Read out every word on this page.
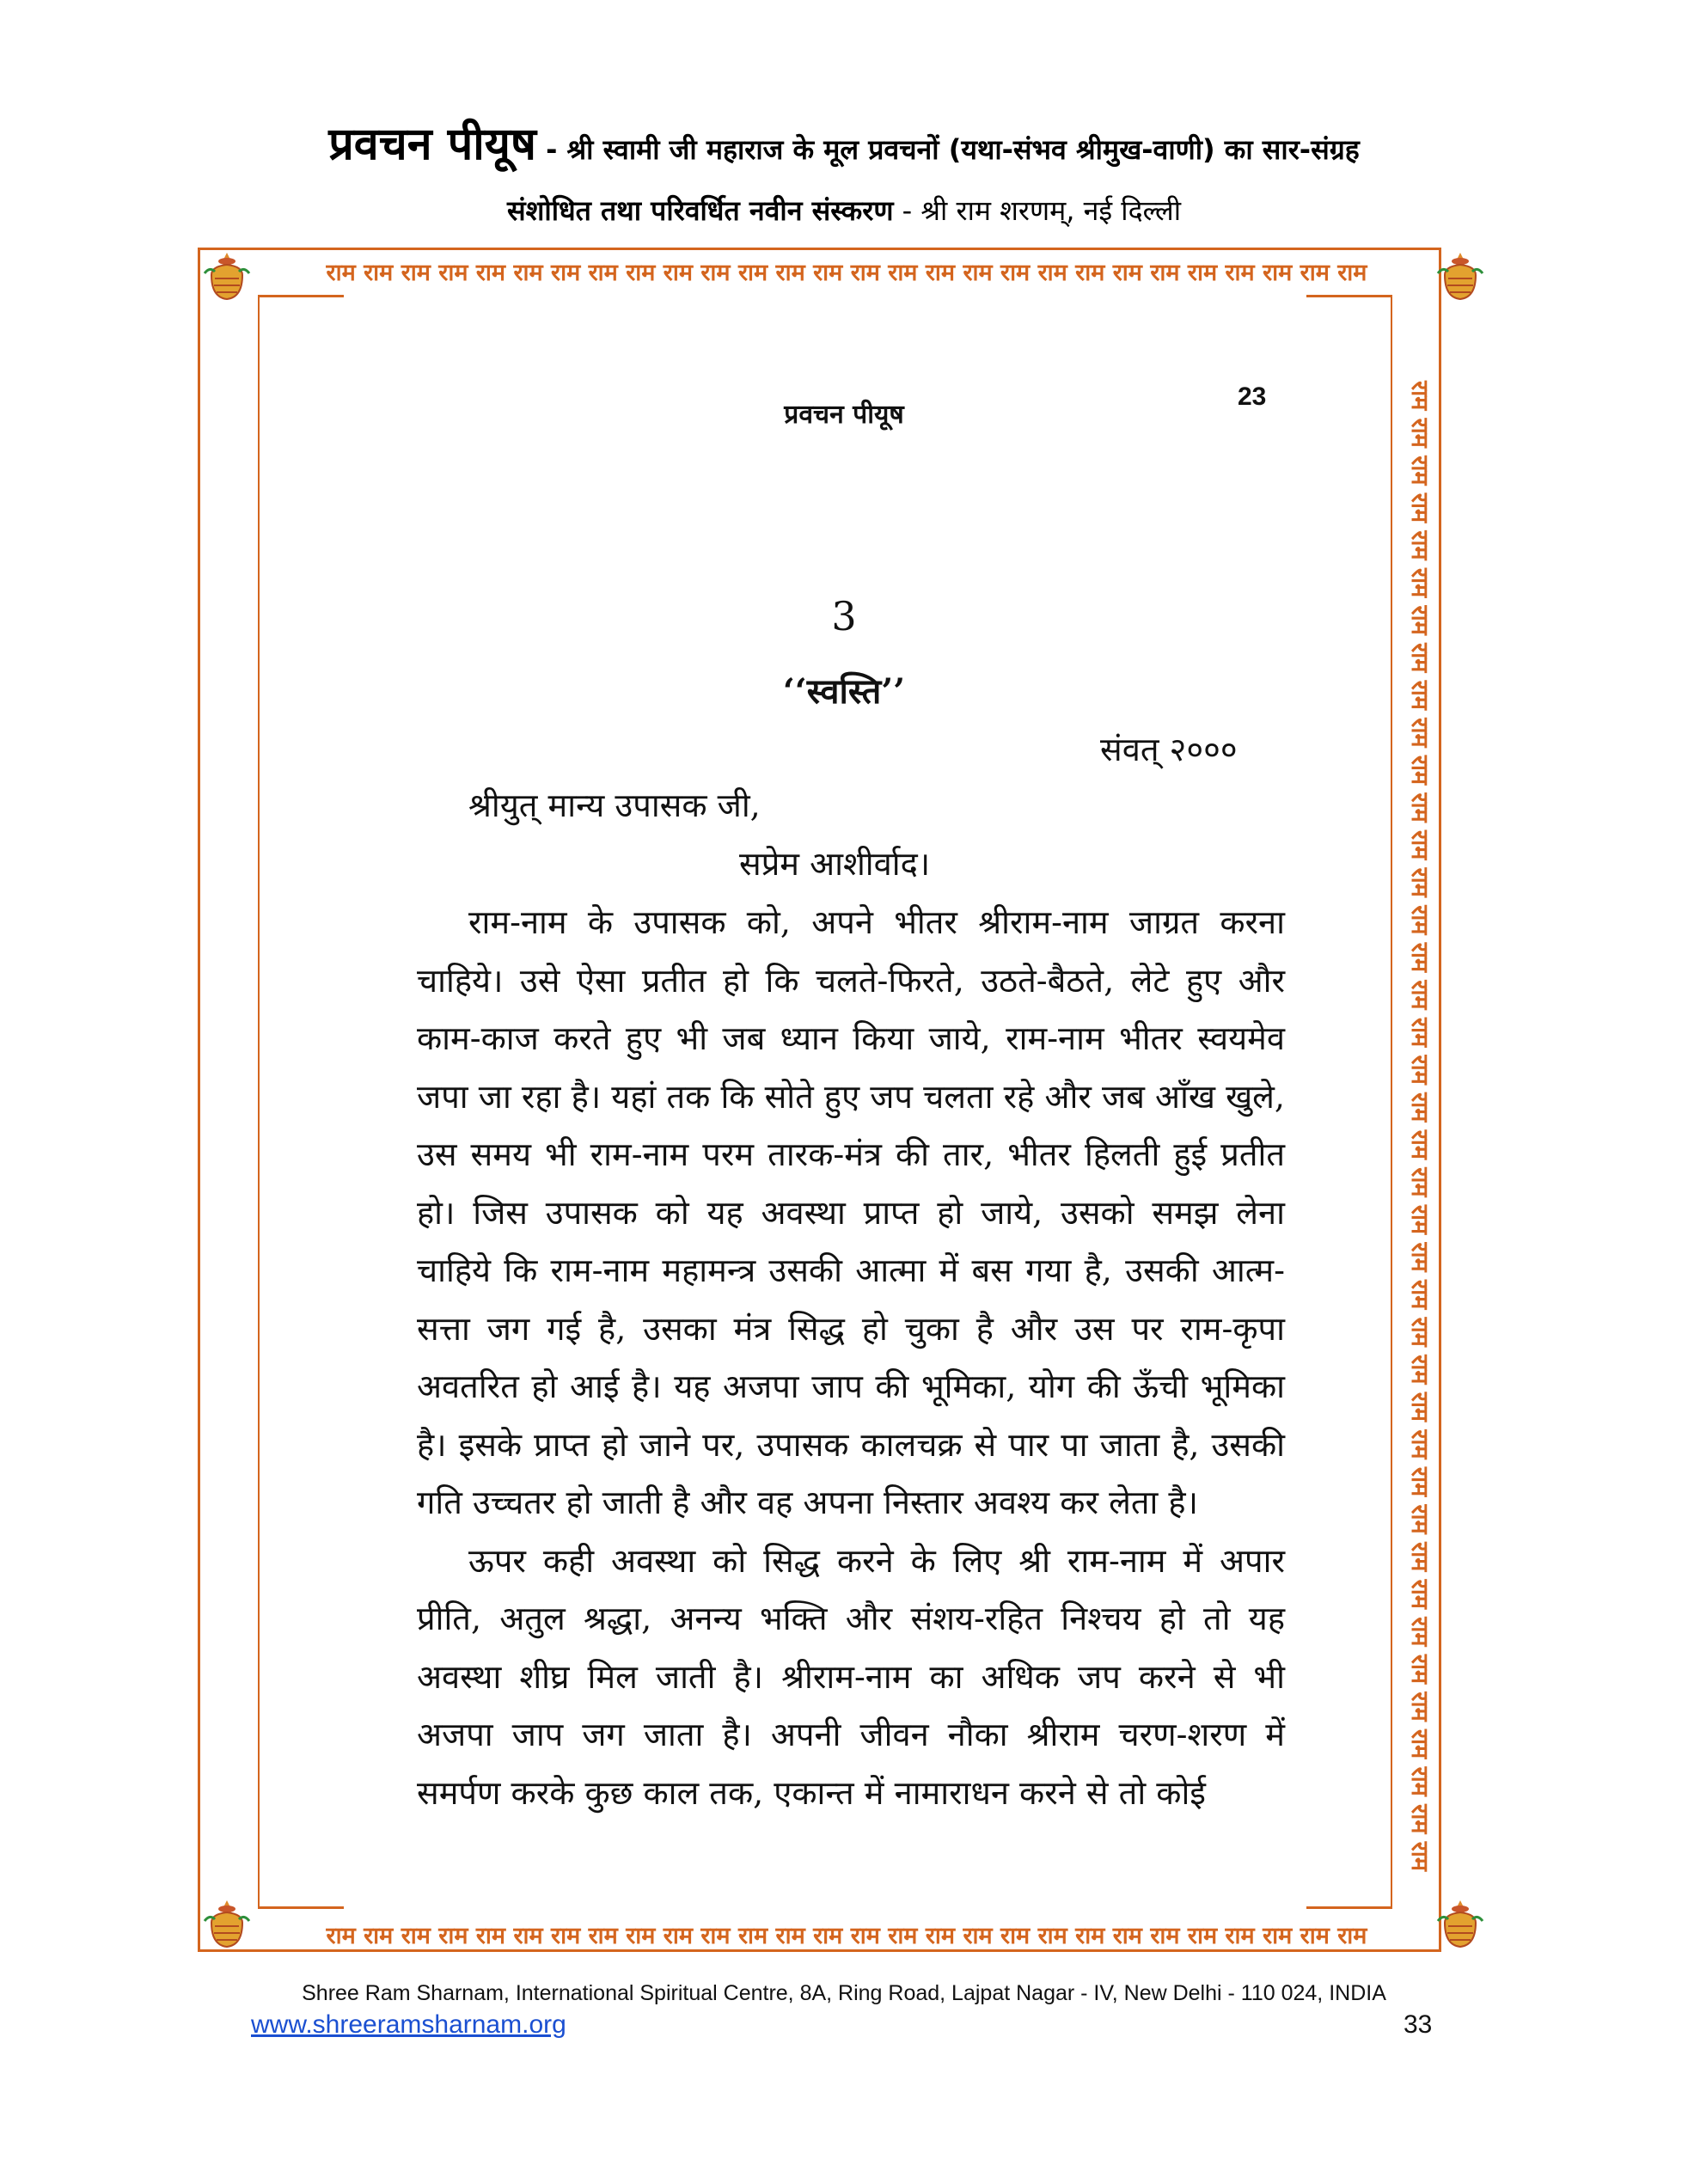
प्रवचन पीयूष - श्री स्वामी जी महाराज के मूल प्रवचनों (यथा-संभव श्रीमुख-वाणी) का सार-संग्रह
संशोधित तथा परिवर्धित नवीन संस्करण - श्री राम शरणम्, नई दिल्ली
राम राम राम राम राम राम राम राम राम राम राम राम राम राम राम राम राम राम राम राम राम राम राम राम राम राम राम राम
राम राम राम राम राम राम राम राम राम राम राम राम राम राम राम राम राम राम राम राम राम राम राम राम राम राम राम राम
राम राम राम राम राम राम राम राम राम राम राम राम राम राम राम राम राम राम राम राम राम राम राम राम राम राम राम राम राम राम राम राम राम राम राम राम राम राम राम राम
प्रवचन पीयूष
23
3
‘‘स्वस्ति’’
संवत् २०००
श्रीयुत् मान्य उपासक जी,
सप्रेम आशीर्वाद।

राम-नाम के उपासक को, अपने भीतर श्रीराम-नाम जाग्रत करना चाहिये। उसे ऐसा प्रतीत हो कि चलते-फिरते, उठते-बैठते, लेटे हुए और काम-काज करते हुए भी जब ध्यान किया जाये, राम-नाम भीतर स्वयमेव जपा जा रहा है। यहां तक कि सोते हुए जप चलता रहे और जब आँख खुले, उस समय भी राम-नाम परम तारक-मंत्र की तार, भीतर हिलती हुई प्रतीत हो। जिस उपासक को यह अवस्था प्राप्त हो जाये, उसको समझ लेना चाहिये कि राम-नाम महामन्त्र उसकी आत्मा में बस गया है, उसकी आत्म-सत्ता जग गई है, उसका मंत्र सिद्ध हो चुका है और उस पर राम-कृपा अवतरित हो आई है। यह अजपा जाप की भूमिका, योग की ऊँची भूमिका है। इसके प्राप्त हो जाने पर, उपासक कालचक्र से पार पा जाता है, उसकी गति उच्चतर हो जाती है और वह अपना निस्तार अवश्य कर लेता है।

ऊपर कही अवस्था को सिद्ध करने के लिए श्री राम-नाम में अपार प्रीति, अतुल श्रद्धा, अनन्य भक्ति और संशय-रहित निश्चय हो तो यह अवस्था शीघ्र मिल जाती है। श्रीराम-नाम का अधिक जप करने से भी अजपा जाप जग जाता है। अपनी जीवन नौका श्रीराम चरण-शरण में समर्पण करके कुछ काल तक, एकान्त में नामाराधन करने से तो कोई

Shree Ram Sharnam, International Spiritual Centre, 8A, Ring Road, Lajpat Nagar - IV, New Delhi - 110 024, INDIA
www.shreeramsharnam.org	33
